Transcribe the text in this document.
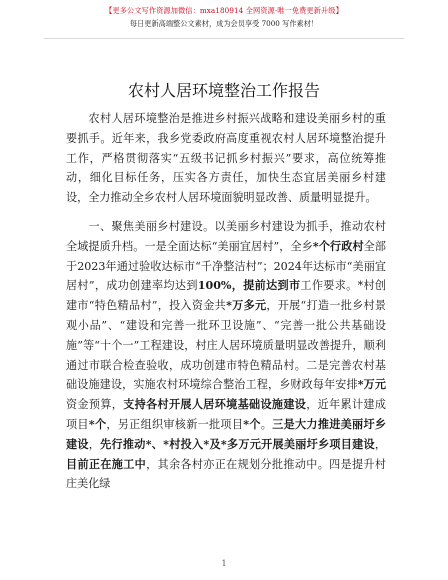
【更多公文写作资源加微信：mxa180914 全网资源·唯一免费更新升级】
每日更新高端整公文素材，成为会员享受 7000 写作素材！
农村人居环境整治工作报告

  农村人居环境整治是推进乡村振兴战略和建设美丽乡村的重要抓手。近年来，我乡党委政府高度重视农村人居环境整治提升工作，严格贯彻落实“五级书记抓乡村振兴”要求，高位统筹推动，细化目标任务，压实各方责任，加快生态宜居美丽乡村建设，全力推动全乡农村人居环境面貌明显改善、质量明显提升。

  一、聚焦美丽乡村建设。以美丽乡村建设为抓手，推动农村全域提质升档。一是全面达标“美丽宜居村”，全乡*个行政村全部于2023年通过验收达标市“千净整洁村”；2024年达标市“美丽宜居村”，成功创建率均达到100%，提前达到市工作要求。*村创建市“特色精品村”，投入资金共*万多元，开展“打造一批乡村景观小品”、“建设和完善一批环卫设施”、“完善一批公共基础设施”等“十个一”工程建设，村庄人居环境质量明显改善提升，顺利通过市联合检查验收，成功创建市特色精品村。二是完善农村基础设施建设，实施农村环境综合整治工程，乡财政每年安排*万元资金预算，支持各村开展人居环境基础设施建设，近年累计建成项目*个，另正组织审核新一批项目*个。三是大力推进美丽圩乡建设，先行推动*、*村投入*及*多万元开展美丽圩乡项目建设，目前正在施工中，其余各村亦正在规划分批推动中。四是提升村庄美化绿

1
